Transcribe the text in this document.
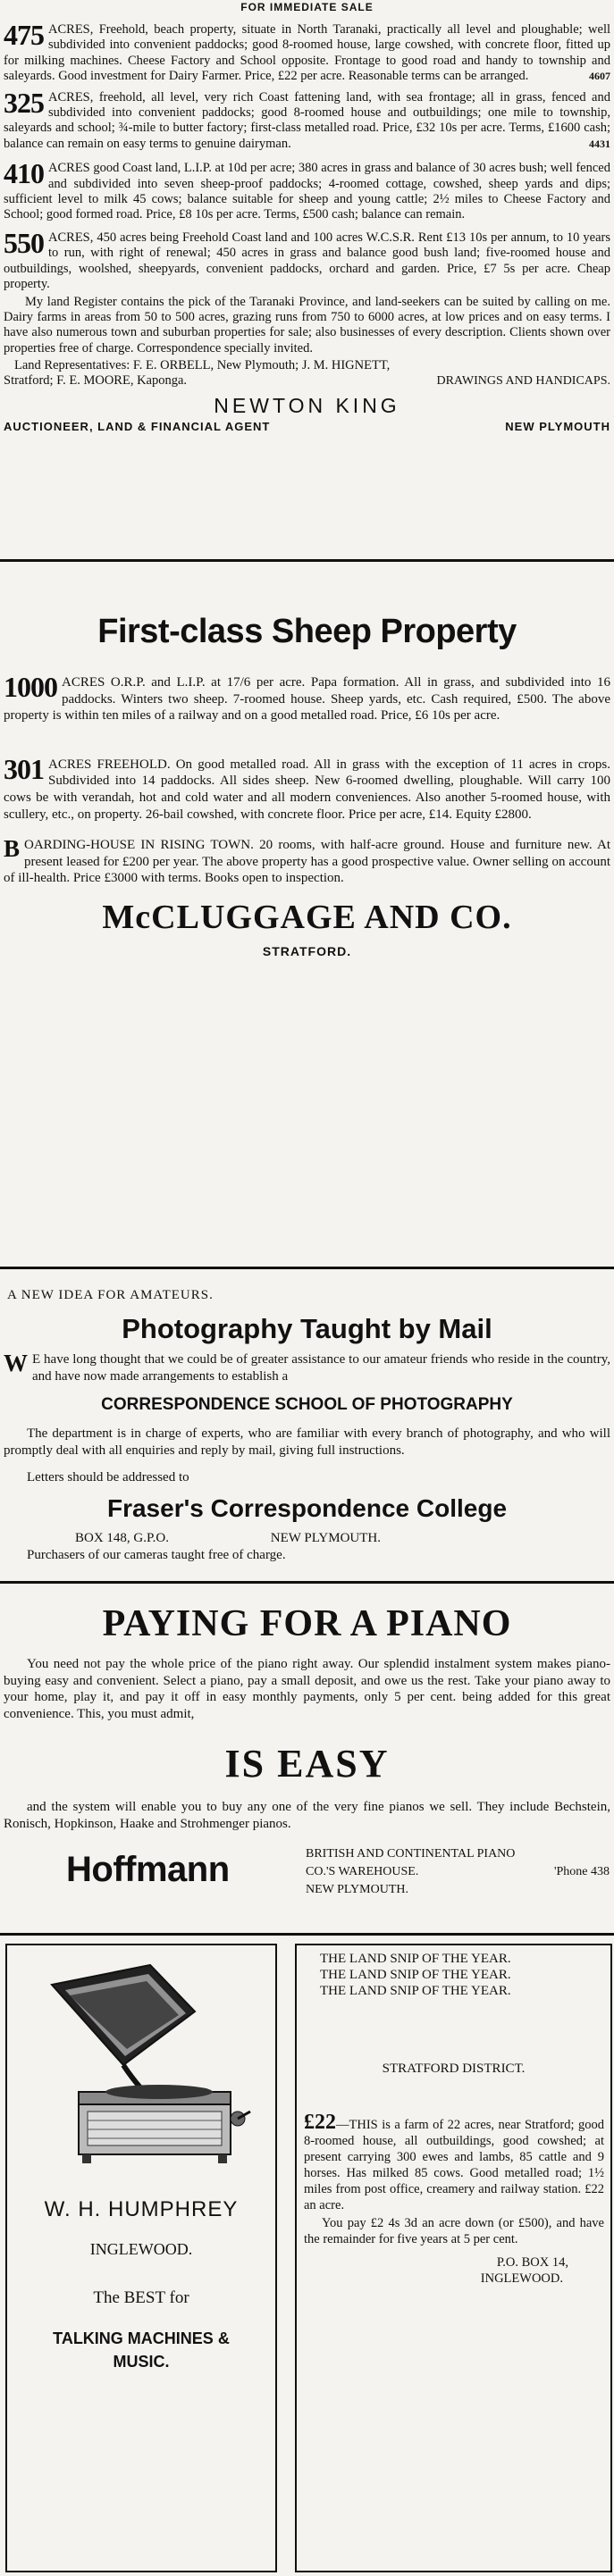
FOR IMMEDIATE SALE

475 ACRES, Freehold, beach property, situate in North Taranaki, practically all level and ploughable; well subdivided into convenient paddocks; good 8-roomed house, large cowshed, with concrete floor, fitted up for milking machines. Cheese Factory and School opposite. Frontage to good road and handy to township and saleyards. Good investment for Dairy Farmer. Price, £22 per acre. Reasonable terms can be arranged.	4607

325 ACRES, freehold, all level, very rich Coast fattening land, with sea frontage; all in grass, fenced and subdivided into convenient paddocks; good 8-roomed house and outbuildings; one mile to township, saleyards and school; ¾-mile to butter factory; first-class metalled road. Price, £32 10s per acre. Terms, £1600 cash; balance can remain on easy terms to genuine dairyman.	4431

410 ACRES good Coast land, L.I.P. at 10d per acre; 380 acres in grass and balance of 30 acres bush; well fenced and subdivided into seven sheep-proof paddocks; 4-roomed cottage, cowshed, sheep yards and dips; sufficient level to milk 45 cows; balance suitable for sheep and young cattle; 2½ miles to Cheese Factory and School; good formed road. Price, £8 10s per acre. Terms, £500 cash; balance can remain.

550 ACRES, 450 acres being Freehold Coast land and 100 acres W.C.S.R. Rent £13 10s per annum, to 10 years to run, with right of renewal; 450 acres in grass and balance good bush land; five-roomed house and outbuildings, woolshed, sheepyards, convenient paddocks, orchard and garden. Price, £7 5s per acre. Cheap property.

My land Register contains the pick of the Taranaki Province, and land-seekers can be suited by calling on me. Dairy farms in areas from 50 to 500 acres, grazing runs from 750 to 6000 acres, at low prices and on easy terms. I have also numerous town and suburban properties for sale; also businesses of every description. Clients shown over properties free of charge. Correspondence specially invited.

Land Representatives: F. E. ORBELL, New Plymouth; J. M. HIGNETT,

Stratford; F. E. MOORE, Kaponga.	DRAWINGS AND HANDICAPS.

NEWTON KING

AUCTIONEER, LAND & FINANCIAL AGENT	NEW PLYMOUTH

First-class Sheep Property

1000 ACRES O.R.P. and L.I.P. at 17/6 per acre. Papa formation. All in grass, and subdivided into 16 paddocks. Winters two sheep. 7-roomed house. Sheep yards, etc. Cash required, £500. The above property is within ten miles of a railway and on a good metalled road. Price, £6 10s per acre.

301 ACRES FREEHOLD. On good metalled road. All in grass with the exception of 11 acres in crops. Subdivided into 14 paddocks. All sides sheep. New 6-roomed dwelling, ploughable. Will carry 100 cows be with verandah, hot and cold water and all modern conveniences. Also another 5-roomed house, with scullery, etc., on property. 26-bail cowshed, with concrete floor. Price per acre, £14. Equity £2800.

B OARDING-HOUSE IN RISING TOWN. 20 rooms, with half-acre ground. House and furniture new. At present leased for £200 per year. The above property has a good prospective value. Owner selling on account of ill-health. Price £3000 with terms. Books open to inspection.

McCLUGGAGE AND CO.

STRATFORD.

A NEW IDEA FOR AMATEURS.

Photography Taught by Mail

W E have long thought that we could be of greater assistance to our amateur friends who reside in the country, and have now made arrangements to establish a

CORRESPONDENCE SCHOOL OF PHOTOGRAPHY

The department is in charge of experts, who are familiar with every branch of photography, and who will promptly deal with all enquiries and reply by mail, giving full instructions.

Letters should be addressed to

Fraser's Correspondence College

BOX 148, G.P.O.	NEW PLYMOUTH.

Purchasers of our cameras taught free of charge.

PAYING FOR A PIANO

You need not pay the whole price of the piano right away. Our splendid instalment system makes piano-buying easy and convenient. Select a piano, pay a small deposit, and owe us the rest. Take your piano away to your home, play it, and pay it off in easy monthly payments, only 5 per cent. being added for this great convenience. This, you must admit,

IS EASY

and the system will enable you to buy any one of the very fine pianos we sell. They include Bechstein, Ronisch, Hopkinson, Haake and Strohmenger pianos.

Hoffmann	BRITISH AND CONTINENTAL PIANO

CO.'S WAREHOUSE.	'Phone 438

NEW PLYMOUTH.

W. H. HUMPHREY

INGLEWOOD.

The BEST for

TALKING MACHINES &

MUSIC.

THE LAND SNIP OF THE YEAR.

THE LAND SNIP OF THE YEAR.

THE LAND SNIP OF THE YEAR.

STRATFORD DISTRICT.

£22—THIS is a farm of 22 acres, near Stratford; good 8-roomed house, all outbuildings, good cowshed; at present carrying 300 ewes and lambs, 85 cattle and 9 horses. Has milked 85 cows. Good metalled road; 1½ miles from post office, creamery and railway station. £22 an acre.

You pay £2 4s 3d an acre down (or £500), and have the remainder for five years at 5 per cent.

P.O. BOX 14,

INGLEWOOD.
